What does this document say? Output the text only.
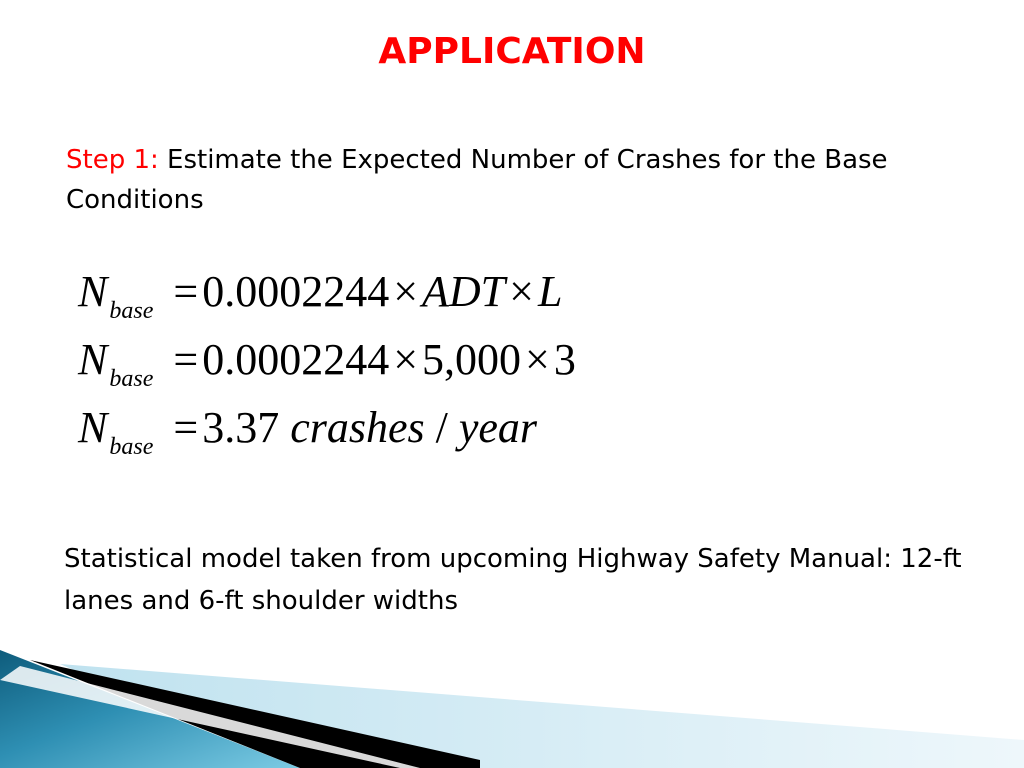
APPLICATION

Step 1: Estimate the Expected Number of Crashes for the Base Conditions

$N_{base} =0.0002244\times ADT\times L$
$N_{base} =0.0002244\times 5,000\times 3$
$N_{base} =3.37$ crashes / year

Statistical model taken from upcoming Highway Safety Manual: 12-ft lanes and 6-ft shoulder widths
